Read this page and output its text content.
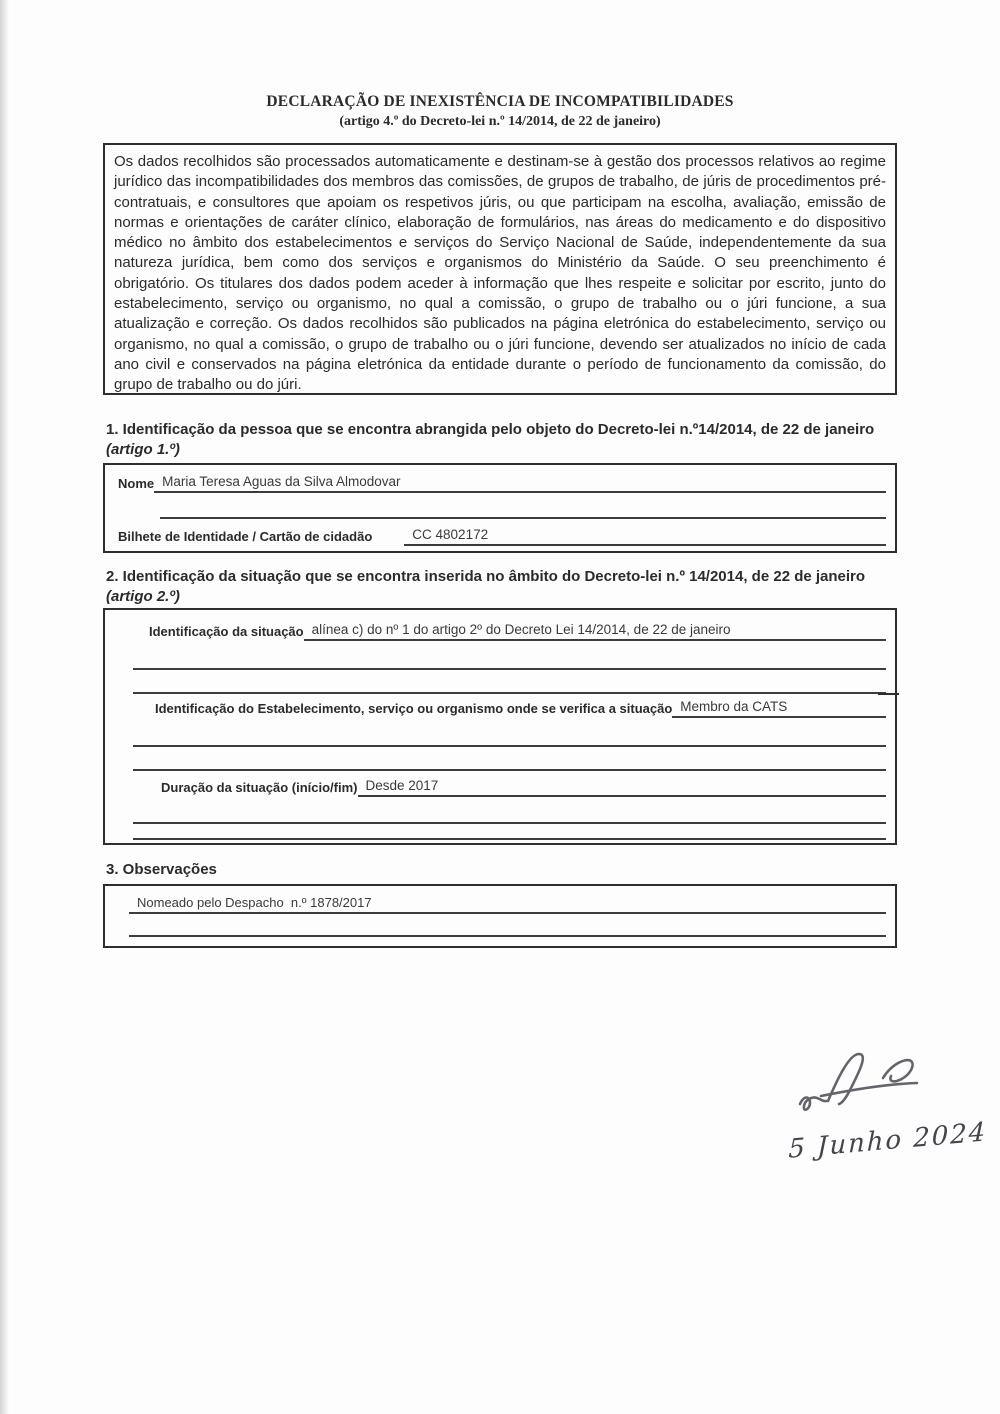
DECLARAÇÃO DE INEXISTÊNCIA DE INCOMPATIBILIDADES
(artigo 4.º do Decreto-lei n.º 14/2014, de 22 de janeiro)
Os dados recolhidos são processados automaticamente e destinam-se à gestão dos processos relativos ao regime jurídico das incompatibilidades dos membros das comissões, de grupos de trabalho, de júris de procedimentos pré-contratuais, e consultores que apoiam os respetivos júris, ou que participam na escolha, avaliação, emissão de normas e orientações de caráter clínico, elaboração de formulários, nas áreas do medicamento e do dispositivo médico no âmbito dos estabelecimentos e serviços do Serviço Nacional de Saúde, independentemente da sua natureza jurídica, bem como dos serviços e organismos do Ministério da Saúde. O seu preenchimento é obrigatório. Os titulares dos dados podem aceder à informação que lhes respeite e solicitar por escrito, junto do estabelecimento, serviço ou organismo, no qual a comissão, o grupo de trabalho ou o júri funcione, a sua atualização e correção. Os dados recolhidos são publicados na página eletrónica do estabelecimento, serviço ou organismo, no qual a comissão, o grupo de trabalho ou o júri funcione, devendo ser atualizados no início de cada ano civil e conservados na página eletrónica da entidade durante o período de funcionamento da comissão, do grupo de trabalho ou do júri.
1. Identificação da pessoa que se encontra abrangida pelo objeto do Decreto-lei n.º14/2014, de 22 de janeiro (artigo 1.º)
Nome Maria Teresa Aguas da Silva Almodovar
Bilhete de Identidade / Cartão de cidadão	CC 4802172
2. Identificação da situação que se encontra inserida no âmbito do Decreto-lei n.º 14/2014, de 22 de janeiro (artigo 2.º)
Identificação da situação alínea c) do nº 1 do artigo 2º do Decreto Lei 14/2014, de 22 de janeiro
Identificação do Estabelecimento, serviço ou organismo onde se verifica a situação Membro da CATS
Duração da situação (início/fim) Desde 2017
3. Observações
Nomeado pelo Despacho  n.º 1878/2017
5 Junho 2024
